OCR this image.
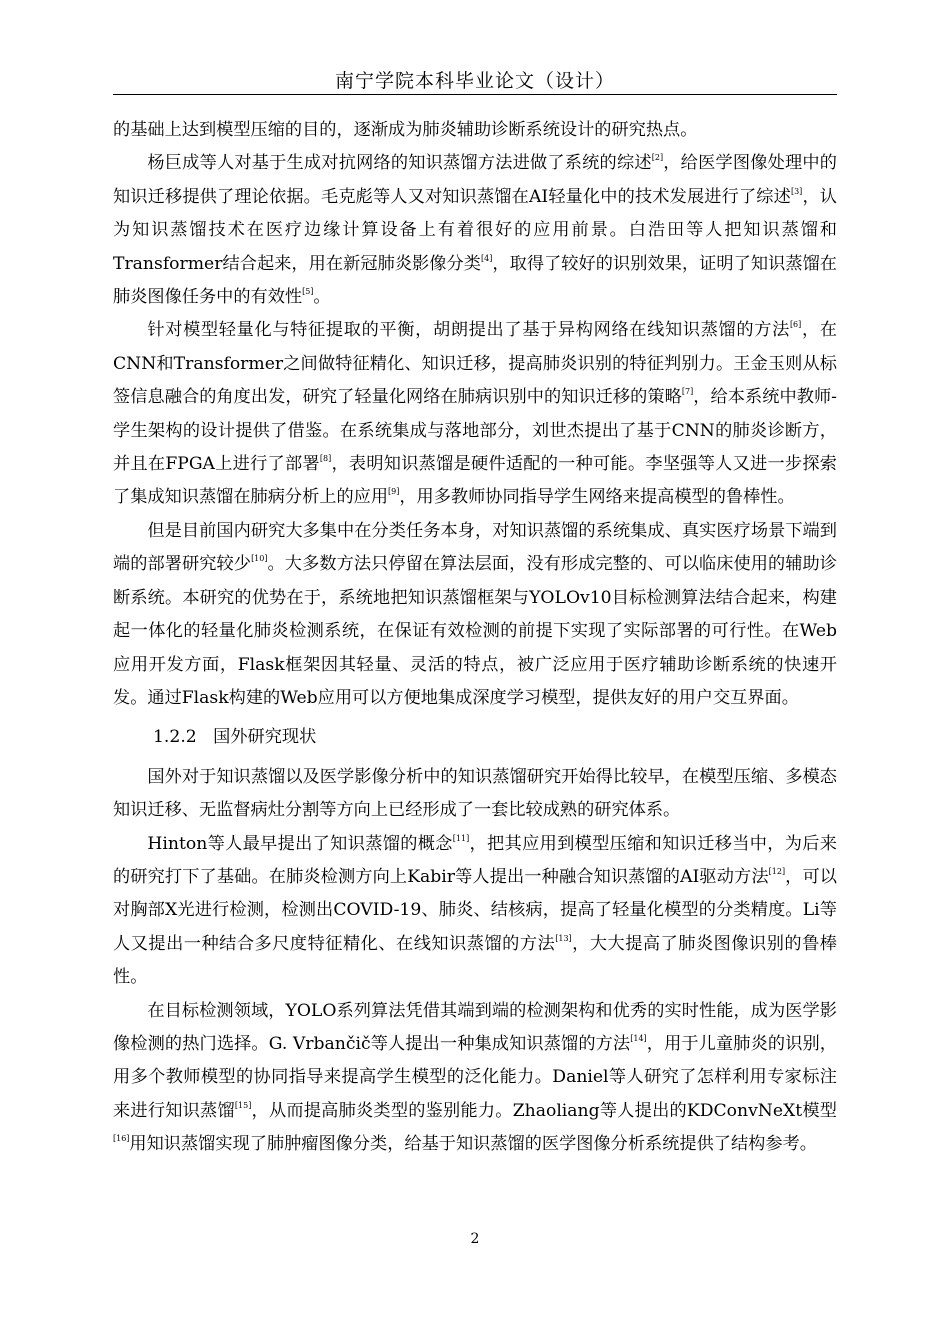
南宁学院本科毕业论文（设计）

的基础上达到模型压缩的目的，逐渐成为肺炎辅助诊断系统设计的研究热点。

杨巨成等人对基于生成对抗网络的知识蒸馏方法进做了系统的综述[2]，给医学图像处理中的知识迁移提供了理论依据。毛克彪等人又对知识蒸馏在AI轻量化中的技术发展进行了综述[3]，认为知识蒸馏技术在医疗边缘计算设备上有着很好的应用前景。白浩田等人把知识蒸馏和Transformer结合起来，用在新冠肺炎影像分类[4]，取得了较好的识别效果，证明了知识蒸馏在肺炎图像任务中的有效性[5]。

针对模型轻量化与特征提取的平衡，胡朗提出了基于异构网络在线知识蒸馏的方法[6]，在CNN和Transformer之间做特征精化、知识迁移，提高肺炎识别的特征判别力。王金玉则从标签信息融合的角度出发，研究了轻量化网络在肺病识别中的知识迁移的策略[7]，给本系统中教师-学生架构的设计提供了借鉴。在系统集成与落地部分，刘世杰提出了基于CNN的肺炎诊断方，并且在FPGA上进行了部署[8]，表明知识蒸馏是硬件适配的一种可能。李坚强等人又进一步探索了集成知识蒸馏在肺病分析上的应用[9]，用多教师协同指导学生网络来提高模型的鲁棒性。

但是目前国内研究大多集中在分类任务本身，对知识蒸馏的系统集成、真实医疗场景下端到端的部署研究较少[10]。大多数方法只停留在算法层面，没有形成完整的、可以临床使用的辅助诊断系统。本研究的优势在于，系统地把知识蒸馏框架与YOLOv10目标检测算法结合起来，构建起一体化的轻量化肺炎检测系统，在保证有效检测的前提下实现了实际部署的可行性。在Web应用开发方面，Flask框架因其轻量、灵活的特点，被广泛应用于医疗辅助诊断系统的快速开发。通过Flask构建的Web应用可以方便地集成深度学习模型，提供友好的用户交互界面。

1.2.2 国外研究现状

国外对于知识蒸馏以及医学影像分析中的知识蒸馏研究开始得比较早，在模型压缩、多模态知识迁移、无监督病灶分割等方向上已经形成了一套比较成熟的研究体系。

Hinton等人最早提出了知识蒸馏的概念[11]，把其应用到模型压缩和知识迁移当中，为后来的研究打下了基础。在肺炎检测方向上Kabir等人提出一种融合知识蒸馏的AI驱动方法[12]，可以对胸部X光进行检测，检测出COVID-19、肺炎、结核病，提高了轻量化模型的分类精度。Li等人又提出一种结合多尺度特征精化、在线知识蒸馏的方法[13]，大大提高了肺炎图像识别的鲁棒性。

在目标检测领域，YOLO系列算法凭借其端到端的检测架构和优秀的实时性能，成为医学影像检测的热门选择。G. Vrbančič等人提出一种集成知识蒸馏的方法[14]，用于儿童肺炎的识别，用多个教师模型的协同指导来提高学生模型的泛化能力。Daniel等人研究了怎样利用专家标注来进行知识蒸馏[15]，从而提高肺炎类型的鉴别能力。Zhaoliang等人提出的KDConvNeXt模型[16]用知识蒸馏实现了肺肿瘤图像分类，给基于知识蒸馏的医学图像分析系统提供了结构参考。

2
